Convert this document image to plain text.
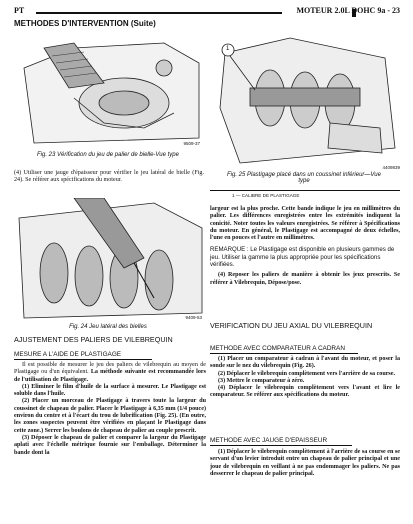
PT	MOTEUR 2.0L DOHC 9a - 23
METHODES D'INTERVENTION (Suite)
9509-37
Fig. 23 Vérification du jeu de palier de bielle-Vue type
1
4409839
Fig. 25 Plastigage placé dans un coussinet inférieur—Vue type
1 — CALIBRE DE PLASTIGAGE
(4) Utiliser une jauge d'épaisseur pour vérifier le jeu latéral de bielle (Fig. 24). Se référer aux spécifications du moteur.
9409-53
Fig. 24 Jeu latéral des bielles
AJUSTEMENT DES PALIERS DE VILEBREQUIN
MESURE A L'AIDE DE PLASTIGAGE
Il est possible de mesurer le jeu des paliers de vilebrequin au moyen de Plastigage ou d'un équivalent. La méthode suivante est recommandée lors de l'utilisation de Plastigage.
(1) Eliminer le film d'huile de la surface à mesurer. Le Plastigage est soluble dans l'huile.
(2) Placer un morceau de Plastigage à travers toute la largeur du coussinet de chapeau de palier. Placer le Plastigage à 6,35 mm (1/4 pouce) environ du centre et à l'écart du trou de lubrification (Fig. 25). (En outre, les zones suspectes peuvent être vérifiées en plaçant le Plastigage dans cette zone.) Serrer les boulons de chapeau de palier au couple prescrit.
(3) Déposer le chapeau de palier et comparer la largeur du Plastigage aplati avec l'échelle métrique fournie sur l'emballage. Déterminer la bande dont la
largeur est la plus proche. Cette bande indique le jeu en millimètres du palier. Les différences enregistrées entre les extrémités indiquent la conicité. Noter toutes les valeurs enregistrées. Se référer à Spécifications du moteur. En général, le Plastigage est accompagné de deux échelles, l'une en pouces et l'autre en millimètres.
REMARQUE : Le Plastigage est disponible en plusieurs gammes de jeu. Utiliser la gamme la plus appropriée pour les spécifications vérifiées.
(4) Reposer les paliers de manière à obtenir les jeux prescrits. Se référer à Vilebrequin, Dépose/pose.
VERIFICATION DU JEU AXIAL DU VILEBREQUIN
METHODE AVEC COMPARATEUR A CADRAN
(1) Placer un comparateur à cadran à l'avant du moteur, et poser la sonde sur le nez du vilebrequin (Fig. 26).
(2) Déplacer le vilebrequin complètement vers l'arrière de sa course.
(3) Mettre le comparateur à zéro.
(4) Déplacer le vilebrequin complètement vers l'avant et lire le comparateur. Se référer aux spécifications du moteur.
METHODE AVEC JAUGE D'EPAISSEUR
(1) Déplacer le vilebrequin complètement à l'arrière de sa course en se servant d'un levier introduit entre un chapeau de palier principal et une joue de vilebrequin en veillant à ne pas endommager les paliers. Ne pas desserrer le chapeau de palier principal.
